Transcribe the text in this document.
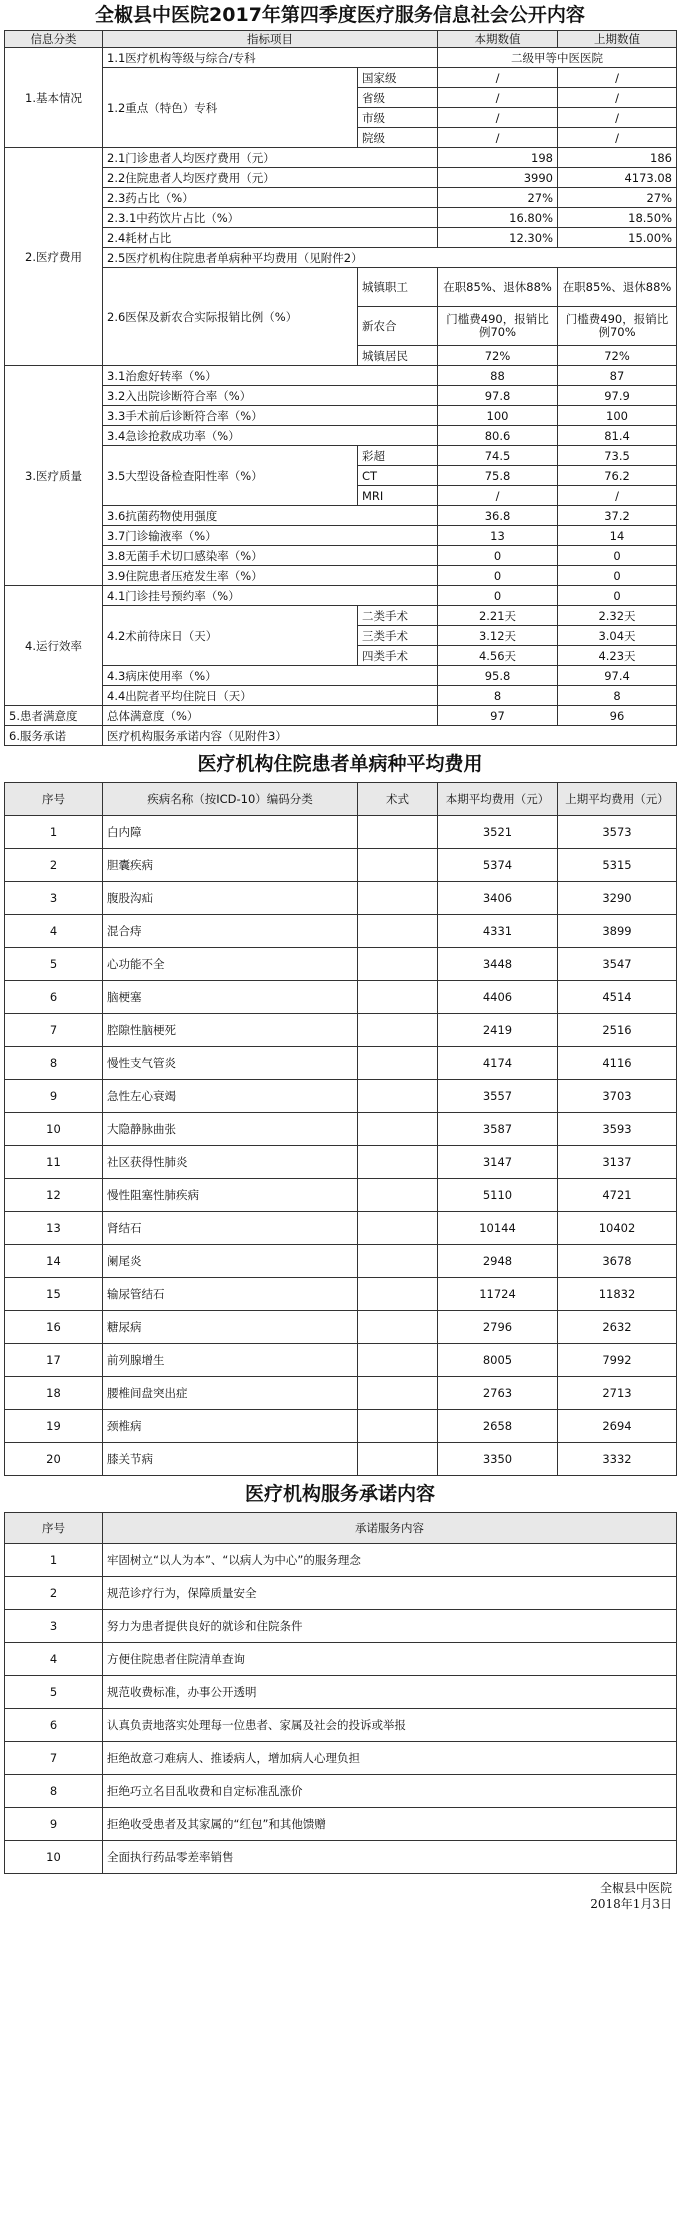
全椒县中医院2017年第四季度医疗服务信息社会公开内容
信息分类	指标项目		本期数值	上期数值
1.基本情况	1.1医疗机构等级与综合/专科		二级甲等中医医院	
	1.2重点（特色）专科	国家级	/	/
		省级	/	/
		市级	/	/
		院级	/	/
2.医疗费用	2.1门诊患者人均医疗费用（元）		198	186
	2.2住院患者人均医疗费用（元）		3990	4173.08
	2.3药占比（%）		27%	27%
	2.3.1中药饮片占比（%）		16.80%	18.50%
	2.4耗材占比		12.30%	15.00%
	2.5医疗机构住院患者单病种平均费用（见附件2）			
	2.6医保及新农合实际报销比例（%）	城镇职工	在职85%、退休88%	在职85%、退休88%
		新农合	门槛费490，报销比例70%	门槛费490，报销比例70%
		城镇居民	72%	72%
3.医疗质量	3.1治愈好转率（%）		88	87
	3.2入出院诊断符合率（%）		97.8	97.9
	3.3手术前后诊断符合率（%）		100	100
	3.4急诊抢救成功率（%）		80.6	81.4
	3.5大型设备检查阳性率（%）	彩超	74.5	73.5
		CT	75.8	76.2
		MRI	/	/
	3.6抗菌药物使用强度		36.8	37.2
	3.7门诊输液率（%）		13	14
	3.8无菌手术切口感染率（%）		0	0
	3.9住院患者压疮发生率（%）		0	0
4.运行效率	4.1门诊挂号预约率（%）		0	0
	4.2术前待床日（天）	二类手术	2.21天	2.32天
		三类手术	3.12天	3.04天
		四类手术	4.56天	4.23天
	4.3病床使用率（%）		95.8	97.4
	4.4出院者平均住院日（天）		8	8
5.患者满意度	总体满意度（%）		97	96
6.服务承诺	医疗机构服务承诺内容（见附件3）			
医疗机构住院患者单病种平均费用
序号	疾病名称（按ICD-10）编码分类	术式	本期平均费用（元）	上期平均费用（元）
1	白内障		3521	3573
2	胆囊疾病		5374	5315
3	腹股沟疝		3406	3290
4	混合痔		4331	3899
5	心功能不全		3448	3547
6	脑梗塞		4406	4514
7	腔隙性脑梗死		2419	2516
8	慢性支气管炎		4174	4116
9	急性左心衰竭		3557	3703
10	大隐静脉曲张		3587	3593
11	社区获得性肺炎		3147	3137
12	慢性阻塞性肺疾病		5110	4721
13	肾结石		10144	10402
14	阑尾炎		2948	3678
15	输尿管结石		11724	11832
16	糖尿病		2796	2632
17	前列腺增生		8005	7992
18	腰椎间盘突出症		2763	2713
19	颈椎病		2658	2694
20	膝关节病		3350	3332
医疗机构服务承诺内容
序号	承诺服务内容
1	牢固树立“以人为本”、“以病人为中心”的服务理念
2	规范诊疗行为，保障质量安全
3	努力为患者提供良好的就诊和住院条件
4	方便住院患者住院清单查询
5	规范收费标准，办事公开透明
6	认真负责地落实处理每一位患者、家属及社会的投诉或举报
7	拒绝故意刁难病人、推诿病人，增加病人心理负担
8	拒绝巧立名目乱收费和自定标准乱涨价
9	拒绝收受患者及其家属的“红包”和其他馈赠
10	全面执行药品零差率销售
全椒县中医院
2018年1月3日
